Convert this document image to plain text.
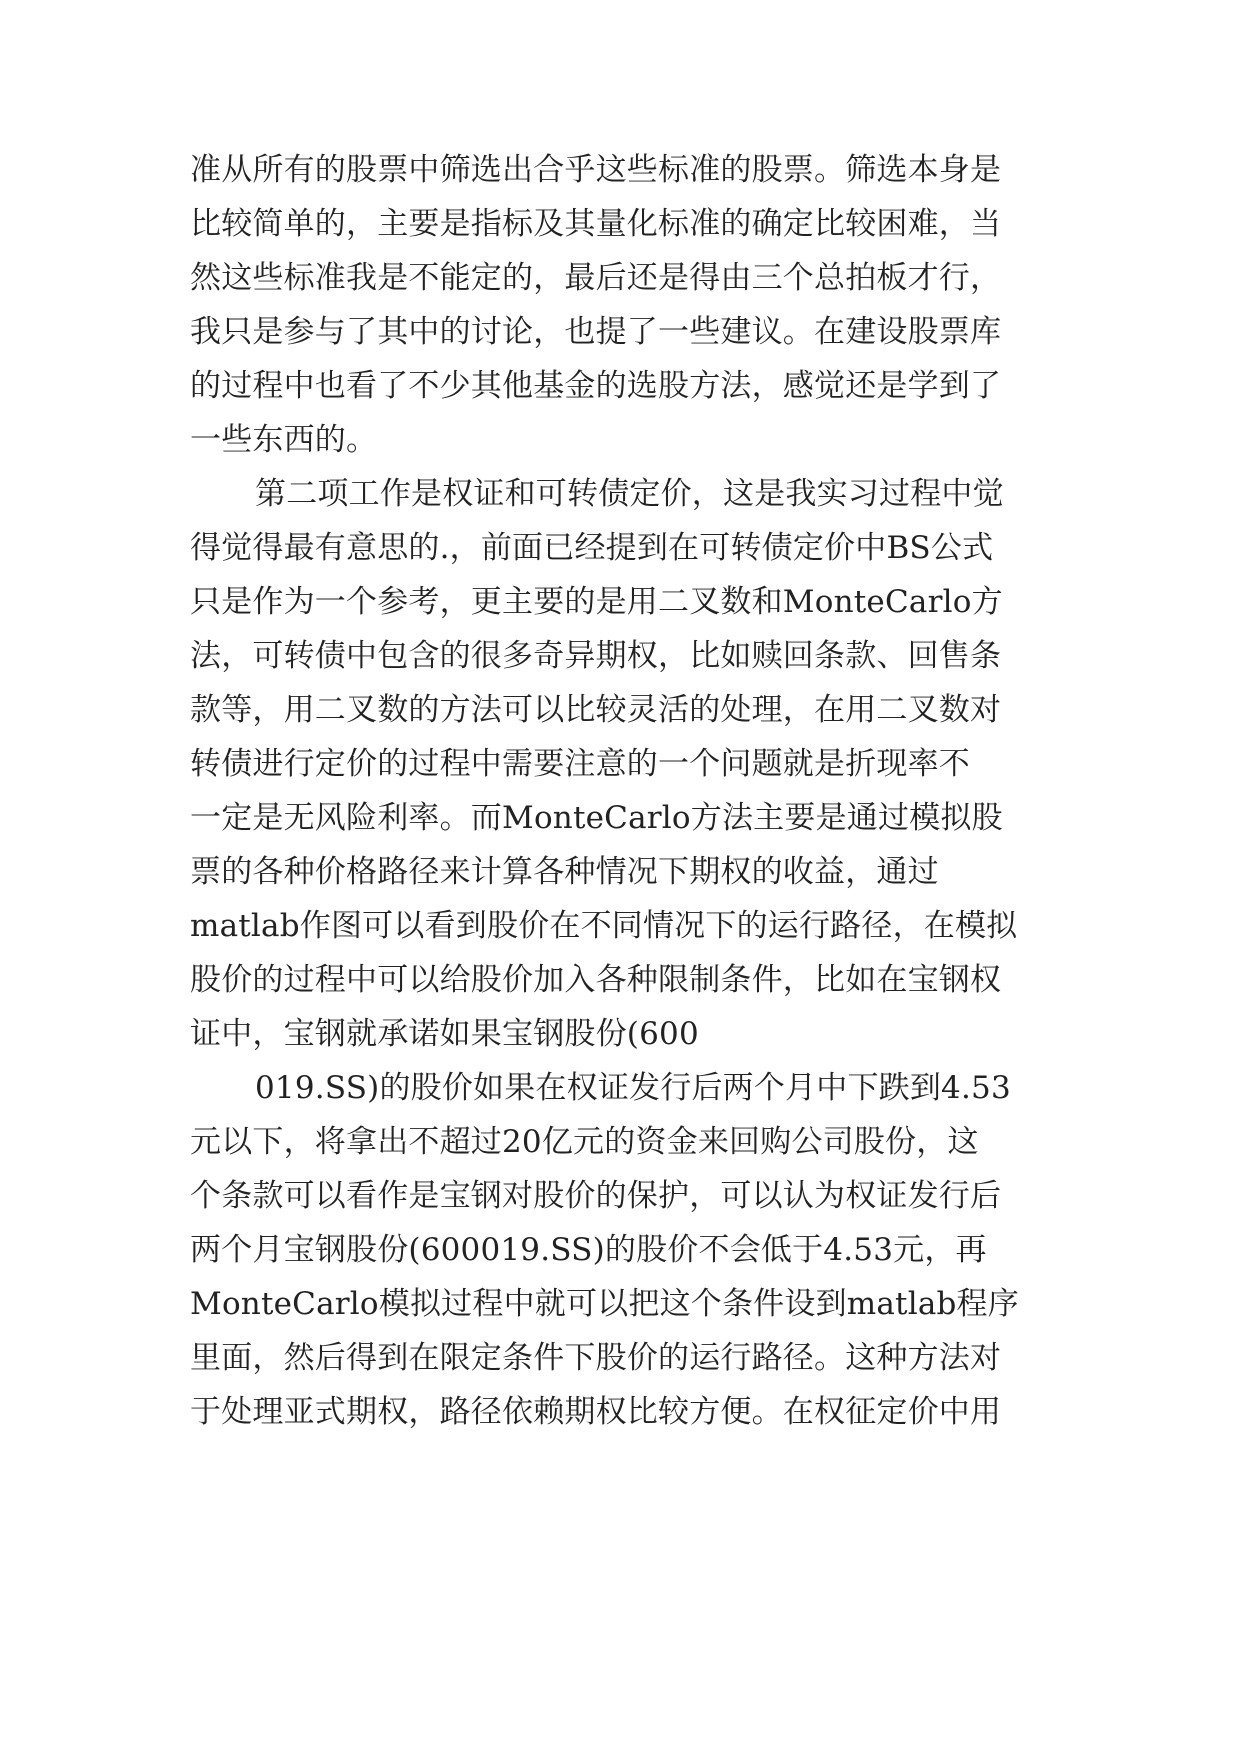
准从所有的股票中筛选出合乎这些标准的股票。筛选本身是
比较简单的，主要是指标及其量化标准的确定比较困难，当
然这些标准我是不能定的，最后还是得由三个总拍板才行，
我只是参与了其中的讨论，也提了一些建议。在建设股票库
的过程中也看了不少其他基金的选股方法，感觉还是学到了
一些东西的。
第二项工作是权证和可转债定价，这是我实习过程中觉
得觉得最有意思的.，前面已经提到在可转债定价中BS公式
只是作为一个参考，更主要的是用二叉数和MonteCarlo方
法，可转债中包含的很多奇异期权，比如赎回条款、回售条
款等，用二叉数的方法可以比较灵活的处理，在用二叉数对
转债进行定价的过程中需要注意的一个问题就是折现率不
一定是无风险利率。而MonteCarlo方法主要是通过模拟股
票的各种价格路径来计算各种情况下期权的收益，通过
matlab作图可以看到股价在不同情况下的运行路径，在模拟
股价的过程中可以给股价加入各种限制条件，比如在宝钢权
证中，宝钢就承诺如果宝钢股份(600
019.SS)的股价如果在权证发行后两个月中下跌到4.53
元以下，将拿出不超过20亿元的资金来回购公司股份，这
个条款可以看作是宝钢对股价的保护，可以认为权证发行后
两个月宝钢股份(600019.SS)的股价不会低于4.53元，再
MonteCarlo模拟过程中就可以把这个条件设到matlab程序
里面，然后得到在限定条件下股价的运行路径。这种方法对
于处理亚式期权，路径依赖期权比较方便。在权征定价中用
